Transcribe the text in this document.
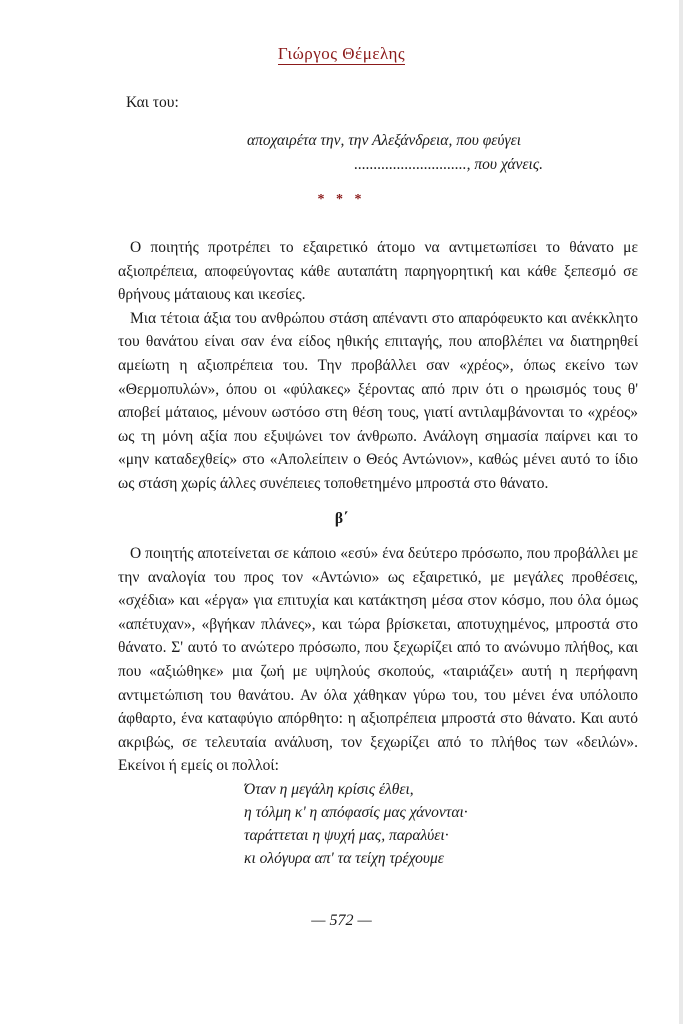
Γιώργος Θέμελης
Και του:
αποχαιρέτα την, την Αλεξάνδρεια, που φεύγει
............................., που χάνεις.
* * *

Ο ποιητής προτρέπει το εξαιρετικό άτομο να αντιμετωπίσει το θάνατο με αξιοπρέπεια, αποφεύγοντας κάθε αυταπάτη παρηγορητική και κάθε ξεπεσμό σε θρήνους μάταιους και ικεσίες.

Μια τέτοια άξια του ανθρώπου στάση απέναντι στο απαρόφευκτο και ανέκκλητο του θανάτου είναι σαν ένα είδος ηθικής επιταγής, που αποβλέπει να διατηρηθεί αμείωτη η αξιοπρέπεια του. Την προβάλλει σαν «χρέος», όπως εκείνο των «Θερμοπυλών», όπου οι «φύλακες» ξέροντας από πριν ότι ο ηρωισμός τους θ' αποβεί μάταιος, μένουν ωστόσο στη θέση τους, γιατί αντιλαμβάνονται το «χρέος» ως τη μόνη αξία που εξυψώνει τον άνθρωπο. Ανάλογη σημασία παίρνει και το «μην καταδεχθείς» στο «Απολείπειν ο Θεός Αντώνιον», καθώς μένει αυτό το ίδιο ως στάση χωρίς άλλες συνέπειες τοποθετημένο μπροστά στο θάνατο.

β΄

Ο ποιητής αποτείνεται σε κάποιο «εσύ» ένα δεύτερο πρόσωπο, που προβάλλει με την αναλογία του προς τον «Αντώνιο» ως εξαιρετικό, με μεγάλες προθέσεις, «σχέδια» και «έργα» για επιτυχία και κατάκτηση μέσα στον κόσμο, που όλα όμως «απέτυχαν», «βγήκαν πλάνες», και τώρα βρίσκεται, αποτυχημένος, μπροστά στο θάνατο. Σ' αυτό το ανώτερο πρόσωπο, που ξεχωρίζει από το ανώνυμο πλήθος, και που «αξιώθηκε» μια ζωή με υψηλούς σκοπούς, «ταιριάζει» αυτή η περήφανη αντιμετώπιση του θανάτου. Αν όλα χάθηκαν γύρω του, του μένει ένα υπόλοιπο άφθαρτο, ένα καταφύγιο απόρθητο: η αξιοπρέπεια μπροστά στο θάνατο. Και αυτό ακριβώς, σε τελευταία ανάλυση, τον ξεχωρίζει από το πλήθος των «δειλών». Εκείνοι ή εμείς οι πολλοί:

Όταν η μεγάλη κρίσις έλθει,
η τόλμη κ' η απόφασίς μας χάνονται·
ταράττεται η ψυχή μας, παραλύει·
κι ολόγυρα απ' τα τείχη τρέχουμε
— 572 —
